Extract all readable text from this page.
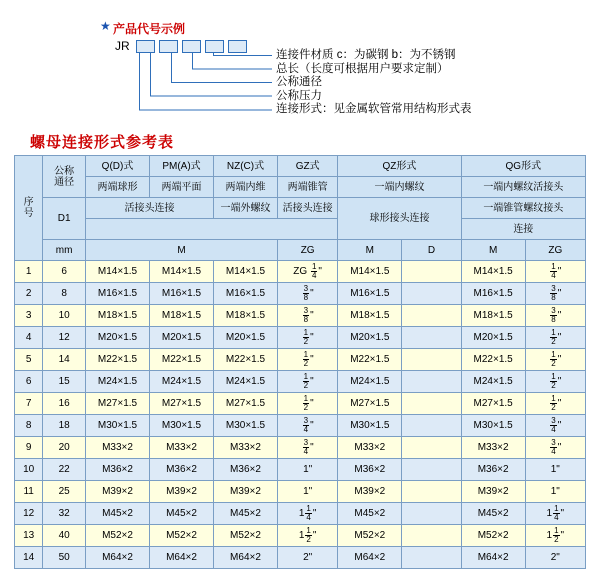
★ 产品代号示例
JR
连接件材质 c：为碳钢 b：为不锈钢
总长（长度可根据用户要求定制）
公称通径
公称压力
连接形式：见金属软管常用结构形式表
螺母连接形式参考表
序
号

公称
通径
	Q(D)式	PM(A)式	NZ(C)式	GZ式	QZ形式	QG形式
		两端球形	两端平面	两端内维	两端锥管	一端内螺纹		一端内螺纹活接头	
	D1	活接头连接		一端外螺纹	活接头连接	球形接头连接		一端锥管螺纹接头	
								连接	
	mm	M			ZG	M	D	M	ZG
1	6	M14×1.5	M14×1.5	M14×1.5	ZG $\frac{1}{4}$ "	M14×1.5		M14×1.5	$\frac{1}{4}$ "
2	8	M16×1.5	M16×1.5	M16×1.5	$\frac{3}{8}$ "	M16×1.5		M16×1.5	$\frac{3}{8}$ "
3	10	M18×1.5	M18×1.5	M18×1.5	$\frac{3}{8}$ "	M18×1.5		M18×1.5	$\frac{3}{8}$ "
4	12	M20×1.5	M20×1.5	M20×1.5	$\frac{1}{2}$ "	M20×1.5		M20×1.5	$\frac{1}{2}$ "
5	14	M22×1.5	M22×1.5	M22×1.5	$\frac{1}{2}$ "	M22×1.5		M22×1.5	$\frac{1}{2}$ "
6	15	M24×1.5	M24×1.5	M24×1.5	$\frac{1}{2}$ "	M24×1.5		M24×1.5	$\frac{1}{2}$ "
7	16	M27×1.5	M27×1.5	M27×1.5	$\frac{1}{2}$ "	M27×1.5		M27×1.5	$\frac{1}{2}$ "
8	18	M30×1.5	M30×1.5	M30×1.5	$\frac{3}{4}$ "	M30×1.5		M30×1.5	$\frac{3}{4}$ "
9	20	M33×2	M33×2	M33×2	$\frac{3}{4}$ "	M33×2		M33×2	$\frac{3}{4}$ "
10	22	M36×2	M36×2	M36×2	1"	M36×2		M36×2	1"
11	25	M39×2	M39×2	M39×2	1"	M39×2		M39×2	1"
12	32	M45×2	M45×2	M45×2	$1 \frac{1}{4}$ "	M45×2		M45×2	$1 \frac{1}{4}$ "
13	40	M52×2	M52×2	M52×2	$1 \frac{1}{2}$ "	M52×2		M52×2	$1 \frac{1}{2}$ "
14	50	M64×2	M64×2	M64×2	2"	M64×2		M64×2	2"
